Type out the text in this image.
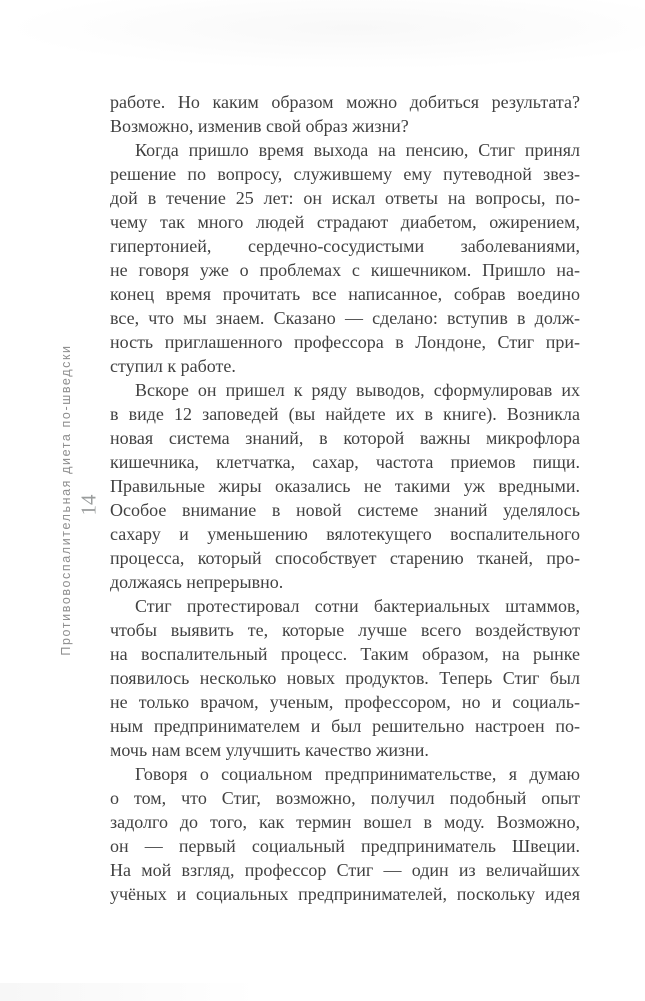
Противовоспалительная диета по-шведски 14
работе. Но каким образом можно добиться результата?
Возможно, изменив свой образ жизни?
Когда пришло время выхода на пенсию, Стиг принял
решение по вопросу, служившему ему путеводной звез-
дой в течение 25 лет: он искал ответы на вопросы, по-
чему так много людей страдают диабетом, ожирением,
гипертонией, сердечно-сосудистыми заболеваниями,
не говоря уже о проблемах с кишечником. Пришло на-
конец время прочитать все написанное, собрав воедино
все, что мы знаем. Сказано — сделано: вступив в долж-
ность приглашенного профессора в Лондоне, Стиг при-
ступил к работе.
Вскоре он пришел к ряду выводов, сформулировав их
в виде 12 заповедей (вы найдете их в книге). Возникла
новая система знаний, в которой важны микрофлора
кишечника, клетчатка, сахар, частота приемов пищи.
Правильные жиры оказались не такими уж вредными.
Особое внимание в новой системе знаний уделялось
сахару и уменьшению вялотекущего воспалительного
процесса, который способствует старению тканей, про-
должаясь непрерывно.
Стиг протестировал сотни бактериальных штаммов,
чтобы выявить те, которые лучше всего воздействуют
на воспалительный процесс. Таким образом, на рынке
появилось несколько новых продуктов. Теперь Стиг был
не только врачом, ученым, профессором, но и социаль-
ным предпринимателем и был решительно настроен по-
мочь нам всем улучшить качество жизни.
Говоря о социальном предпринимательстве, я думаю
о том, что Стиг, возможно, получил подобный опыт
задолго до того, как термин вошел в моду. Возможно,
он — первый социальный предприниматель Швеции.
На мой взгляд, профессор Стиг — один из величайших
учёных и социальных предпринимателей, поскольку идея
